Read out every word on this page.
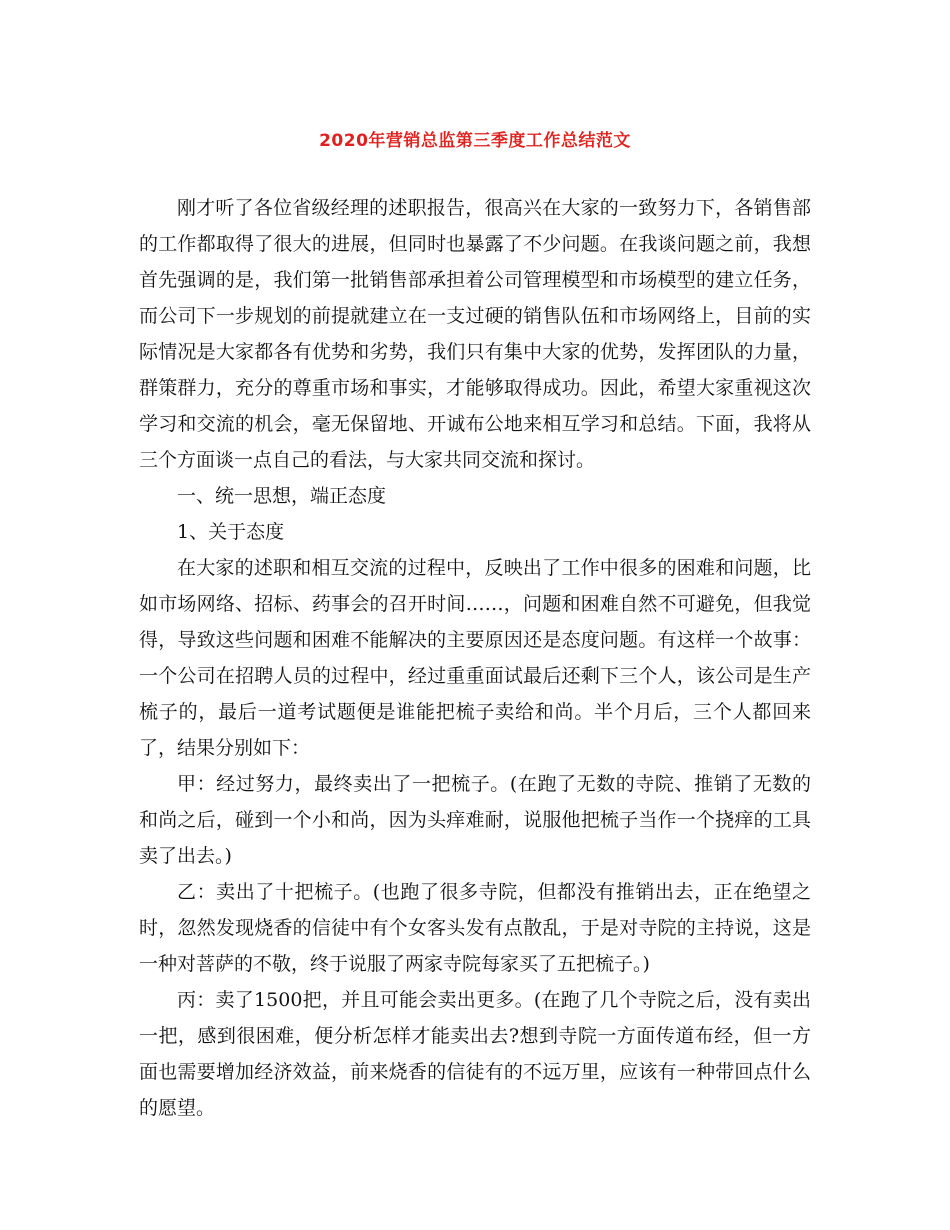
2020年营销总监第三季度工作总结范文

刚才听了各位省级经理的述职报告，很高兴在大家的一致努力下，各销售部的工作都取得了很大的进展，但同时也暴露了不少问题。在我谈问题之前，我想首先强调的是，我们第一批销售部承担着公司管理模型和市场模型的建立任务，而公司下一步规划的前提就建立在一支过硬的销售队伍和市场网络上，目前的实际情况是大家都各有优势和劣势，我们只有集中大家的优势，发挥团队的力量，群策群力，充分的尊重市场和事实，才能够取得成功。因此，希望大家重视这次学习和交流的机会，毫无保留地、开诚布公地来相互学习和总结。下面，我将从三个方面谈一点自己的看法，与大家共同交流和探讨。

一、统一思想，端正态度

1、关于态度

在大家的述职和相互交流的过程中，反映出了工作中很多的困难和问题，比如市场网络、招标、药事会的召开时间……，问题和困难自然不可避免，但我觉得，导致这些问题和困难不能解决的主要原因还是态度问题。有这样一个故事：一个公司在招聘人员的过程中，经过重重面试最后还剩下三个人，该公司是生产梳子的，最后一道考试题便是谁能把梳子卖给和尚。半个月后，三个人都回来了，结果分别如下：

甲：经过努力，最终卖出了一把梳子。(在跑了无数的寺院、推销了无数的和尚之后，碰到一个小和尚，因为头痒难耐，说服他把梳子当作一个挠痒的工具卖了出去。)

乙：卖出了十把梳子。(也跑了很多寺院，但都没有推销出去，正在绝望之时，忽然发现烧香的信徒中有个女客头发有点散乱，于是对寺院的主持说，这是一种对菩萨的不敬，终于说服了两家寺院每家买了五把梳子。)

丙：卖了1500把，并且可能会卖出更多。(在跑了几个寺院之后，没有卖出一把，感到很困难，便分析怎样才能卖出去?想到寺院一方面传道布经，但一方面也需要增加经济效益，前来烧香的信徒有的不远万里，应该有一种带回点什么的愿望。
